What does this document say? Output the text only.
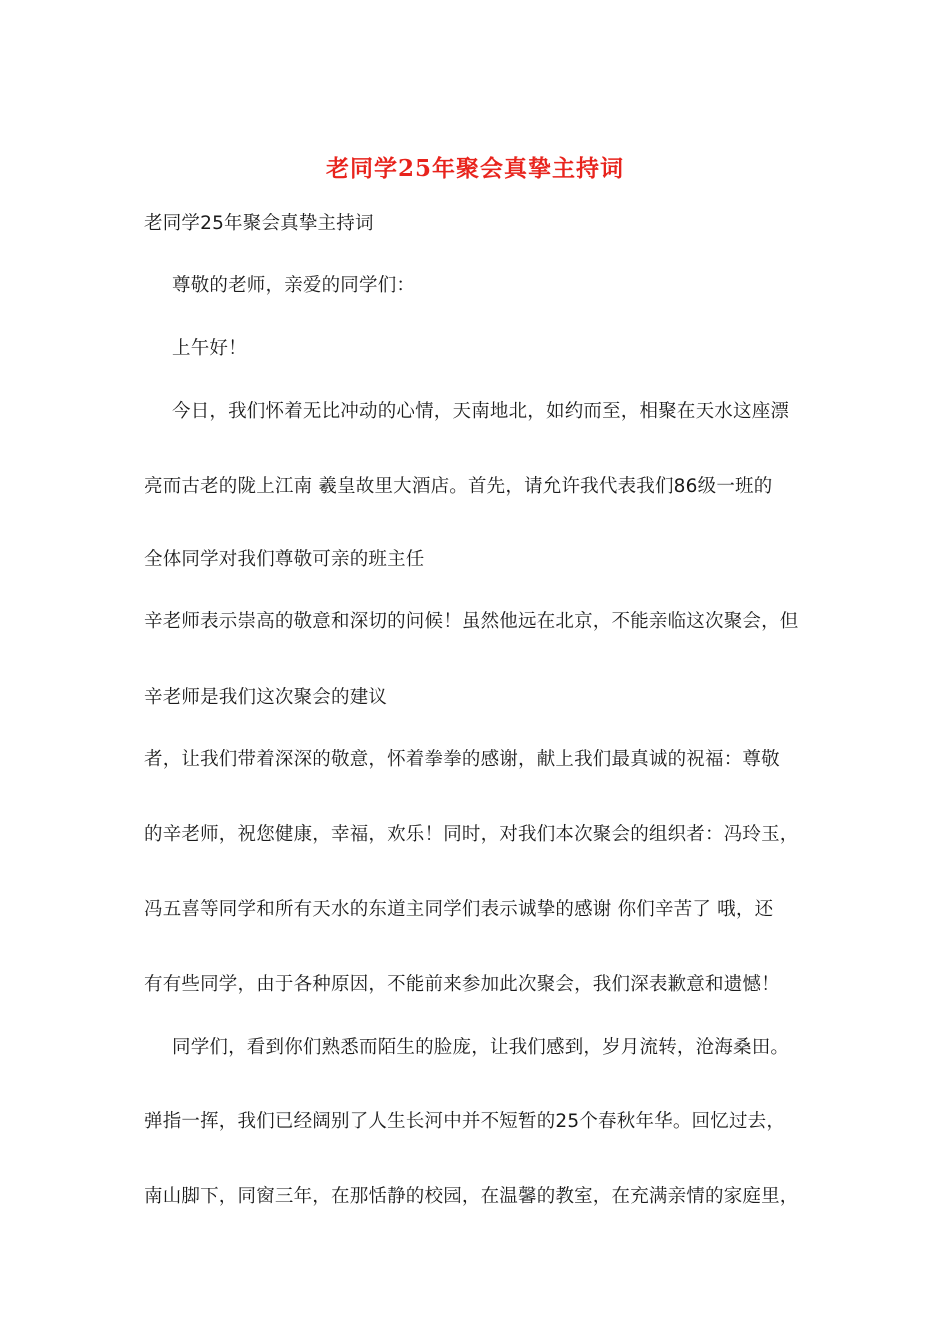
老同学25年聚会真挚主持词
老同学25年聚会真挚主持词
尊敬的老师，亲爱的同学们：
上午好！
今日，我们怀着无比冲动的心情，天南地北，如约而至，相聚在天水这座漂
亮而古老的陇上江南 羲皇故里大酒店。首先，请允许我代表我们86级一班的
全体同学对我们尊敬可亲的班主任
辛老师表示崇高的敬意和深切的问候！虽然他远在北京，不能亲临这次聚会，但
辛老师是我们这次聚会的建议
者，让我们带着深深的敬意，怀着拳拳的感谢，献上我们最真诚的祝福：尊敬
的辛老师，祝您健康，幸福，欢乐！同时，对我们本次聚会的组织者：冯玲玉，
冯五喜等同学和所有天水的东道主同学们表示诚挚的感谢 你们辛苦了 哦，还
有有些同学，由于各种原因，不能前来参加此次聚会，我们深表歉意和遗憾！
同学们，看到你们熟悉而陌生的脸庞，让我们感到，岁月流转，沧海桑田。
弹指一挥，我们已经阔别了人生长河中并不短暂的25个春秋年华。回忆过去，
南山脚下，同窗三年，在那恬静的校园，在温馨的教室，在充满亲情的家庭里，
